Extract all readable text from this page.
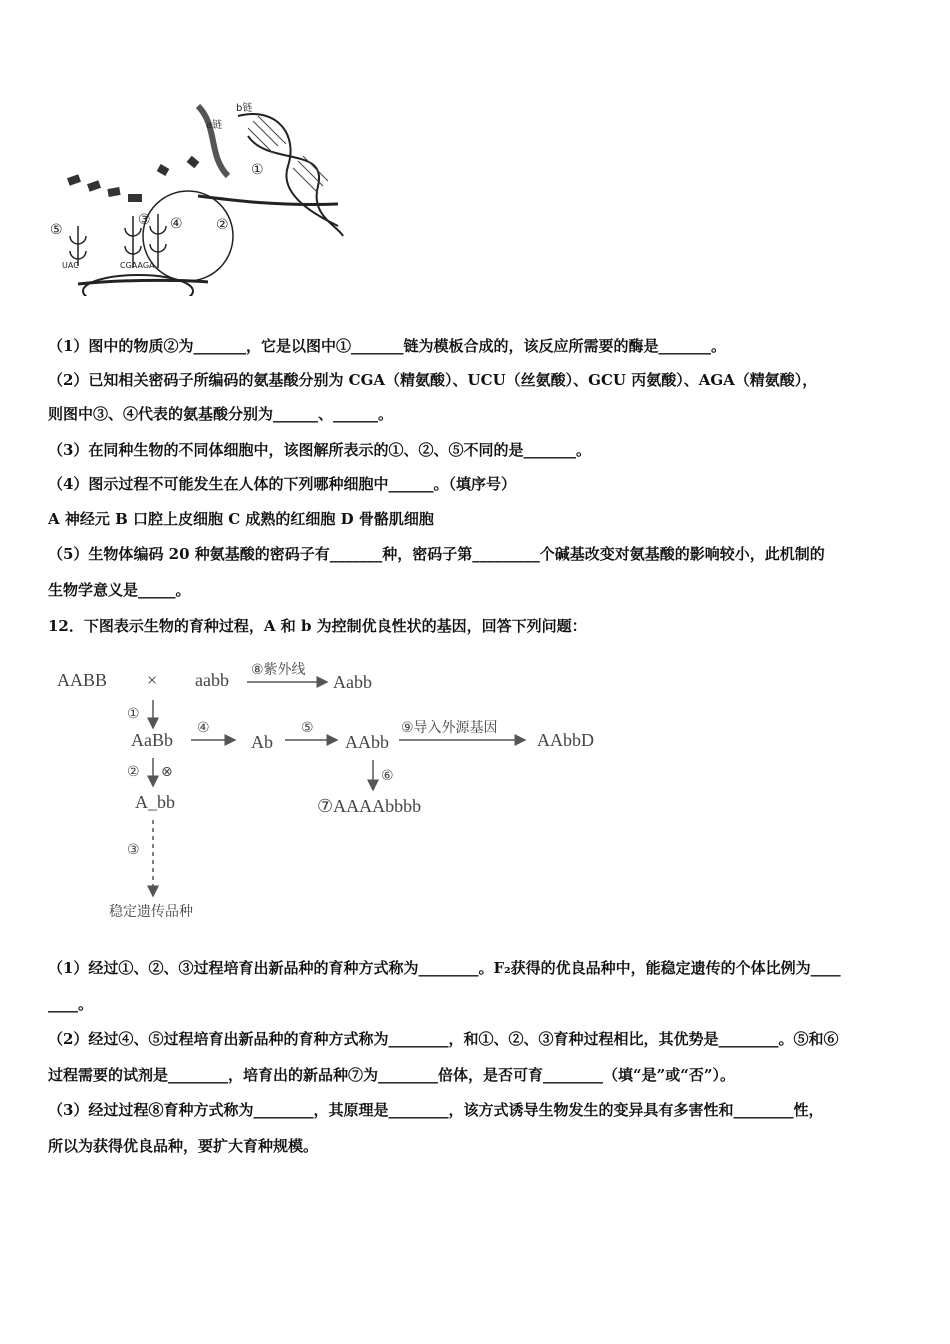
b链
a链
①
②
③ ④
⑤
UAC	CGAAGA
（1）图中的物质②为_______，它是以图中①_______链为模板合成的，该反应所需要的酶是_______。
（2）已知相关密码子所编码的氨基酸分别为 CGA（精氨酸）、UCU（丝氨酸）、GCU 丙氨酸）、AGA（精氨酸），
则图中③、④代表的氨基酸分别为______、______。
（3）在同种生物的不同体细胞中，该图解所表示的①、②、⑤不同的是_______。
（4）图示过程不可能发生在人体的下列哪种细胞中______。（填序号）
A 神经元 B 口腔上皮细胞 C 成熟的红细胞 D 骨骼肌细胞
（5）生物体编码 20 种氨基酸的密码子有_______种，密码子第_________个碱基改变对氨基酸的影响较小，此机制的
生物学意义是_____。
12．下图表示生物的育种过程，A 和 b 为控制优良性状的基因，回答下列问题：
AABB × aabb ⑧紫外线
Aabb
①
AaBb
④
Ab
⑤
AAbb
⑨导入外源基因
AAbbD
② ⊗
A_bb
⑥
⑦AAAAbbbb
③
稳定遗传品种
（1）经过①、②、③过程培育出新品种的育种方式称为________。F₂获得的优良品种中，能稳定遗传的个体比例为____
____。
（2）经过④、⑤过程培育出新品种的育种方式称为________，和①、②、③育种过程相比，其优势是________。⑤和⑥
过程需要的试剂是________，培育出的新品种⑦为________倍体，是否可育________（填“是”或“否”）。
（3）经过过程⑧育种方式称为________，其原理是________，该方式诱导生物发生的变异具有多害性和________性，
所以为获得优良品种，要扩大育种规模。
